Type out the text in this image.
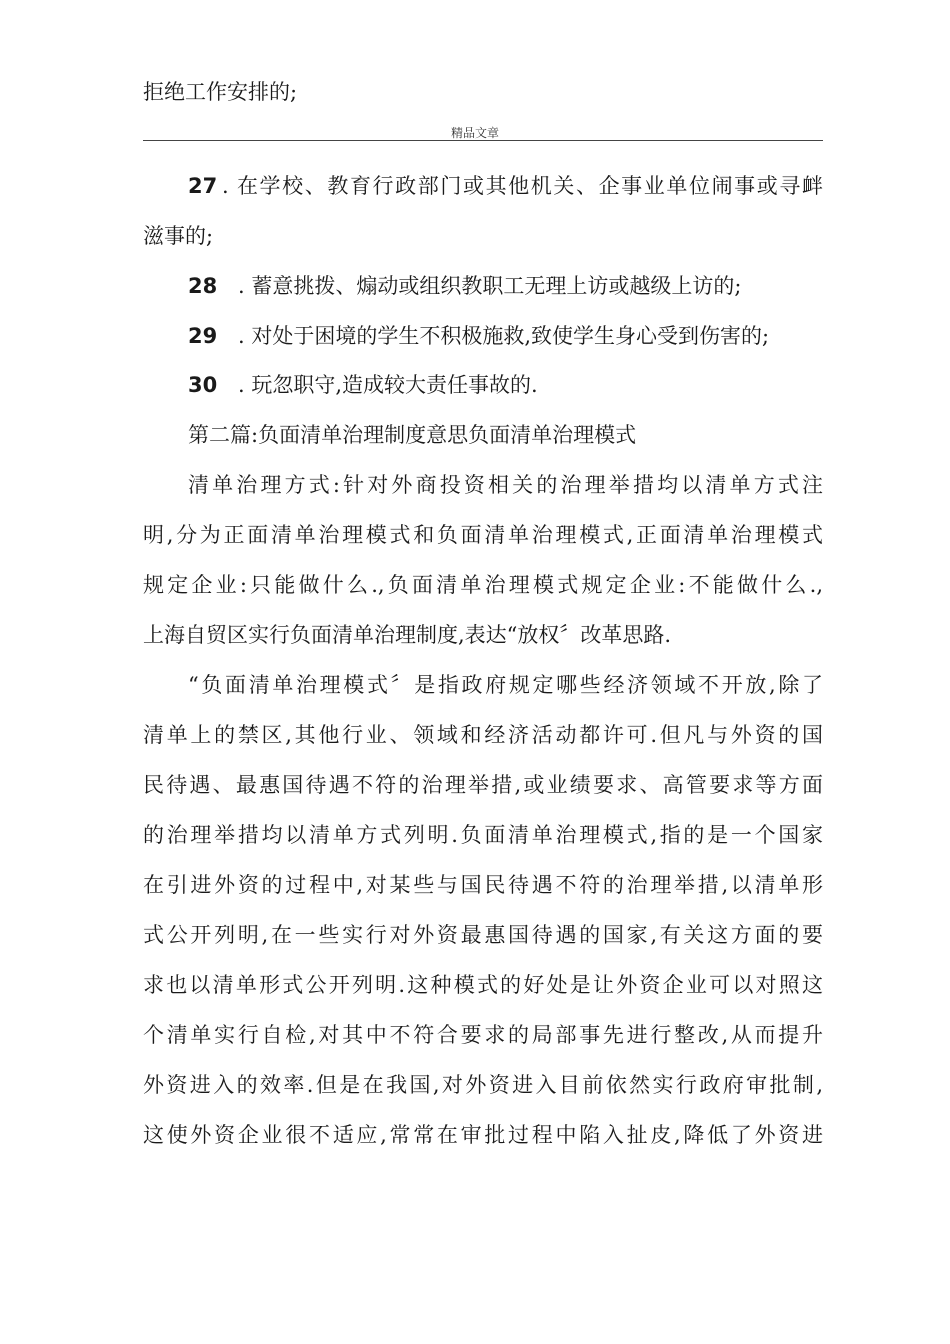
拒绝工作安排的;
精品文章
27 . 在学校、教育行政部门或其他机关、企事业单位闹事或寻衅
滋事的;
28 . 蓄意挑拨、煽动或组织教职工无理上访或越级上访的;
29 . 对处于困境的学生不积极施救,致使学生身心受到伤害的;
30 . 玩忽职守,造成较大责任事故的.
第二篇:负面清单治理制度意思负面清单治理模式
清单治理方式:针对外商投资相关的治理举措均以清单方式注
明,分为正面清单治理模式和负面清单治理模式,正面清单治理模式
规定企业:只能做什么.,负面清单治理模式规定企业:不能做什么.,
上海自贸区实行负面清单治理制度,表达“放权〞改革思路.
“负面清单治理模式〞是指政府规定哪些经济领域不开放,除了
清单上的禁区,其他行业、领域和经济活动都许可.但凡与外资的国
民待遇、最惠国待遇不符的治理举措,或业绩要求、高管要求等方面
的治理举措均以清单方式列明.负面清单治理模式,指的是一个国家
在引进外资的过程中,对某些与国民待遇不符的治理举措,以清单形
式公开列明,在一些实行对外资最惠国待遇的国家,有关这方面的要
求也以清单形式公开列明.这种模式的好处是让外资企业可以对照这
个清单实行自检,对其中不符合要求的局部事先进行整改,从而提升
外资进入的效率.但是在我国,对外资进入目前依然实行政府审批制,
这使外资企业很不适应,常常在审批过程中陷入扯皮,降低了外资进
